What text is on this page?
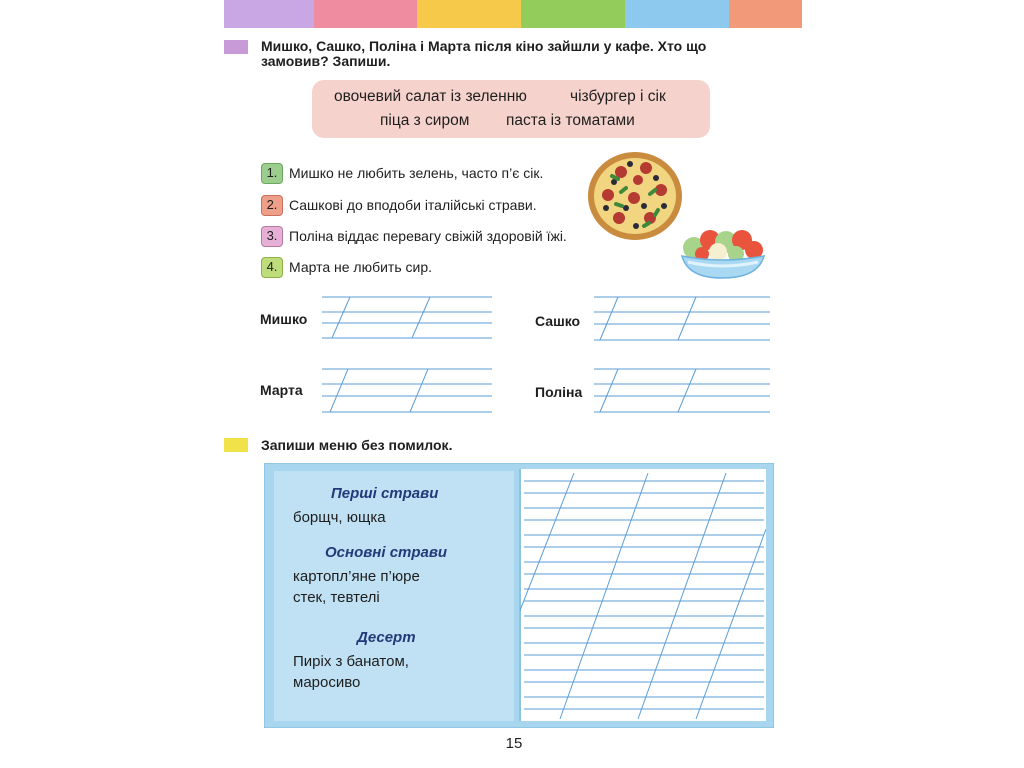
Мишко, Сашко, Поліна і Марта після кіно зайшли у кафе. Хто що
замовив? Запиши.
овочевий салат із зеленню	чізбургер і сік
піца з сиром паста із томатами
1. Мишко не любить зелень, часто п’є сік.
2. Сашкові до вподоби італійські страви.
3. Поліна віддає перевагу свіжій здоровій їжі.
4. Марта не любить сир.
Мишко	Сашко
Марта	Поліна
Запиши меню без помилок.
Перші страви
борщч, ющка
Основні страви
картопл’яне п’юре
стек, тевтелі
Десерт
Пиріх з банатом,
маросиво
15
